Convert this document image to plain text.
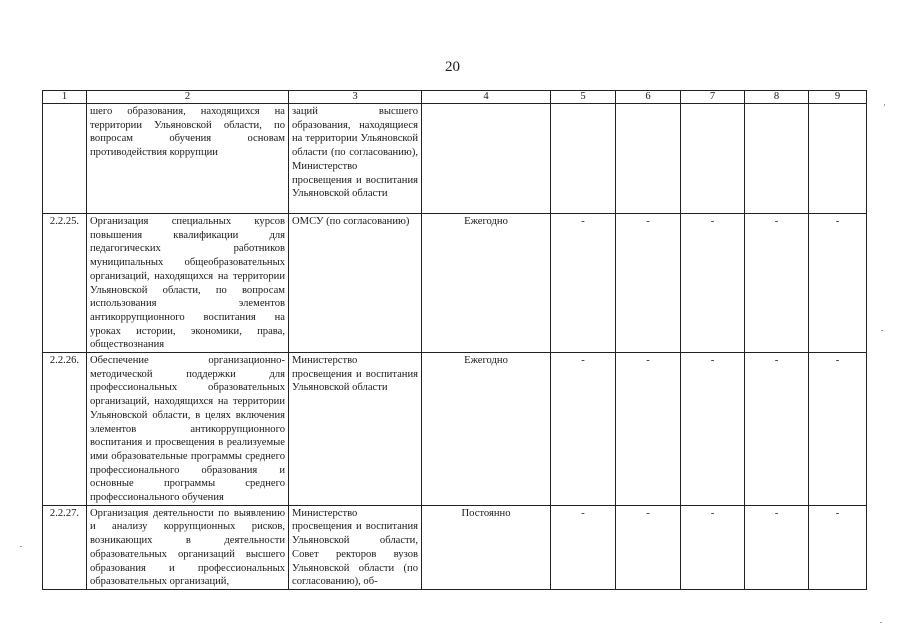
20
1	2	3	4	5	6	7	8	9
	шего образования, находящихся на территории Ульяновской области, по вопросам обучения основам противодействия коррупции	заций высшего образования, находящиеся на территории Ульяновской области (по согласованию), Министерство просвещения и воспитания Ульяновской области						
2.2.25.	Организация специальных курсов повышения квалификации для педагогических работников муниципальных общеобразовательных организаций, находящихся на территории Ульяновской области, по вопросам использования элементов антикоррупционного воспитания на уроках истории, экономики, права, обществознания	ОМСУ (по согласованию)	Ежегодно	-	-	-	-	-
2.2.26.	Обеспечение организационно-методической поддержки для профессиональных образовательных организаций, находящихся на территории Ульяновской области, в целях включения элементов антикоррупционного воспитания и просвещения в реализуемые ими образовательные программы среднего профессионального образования и основные программы среднего профессионального обучения	Министерство просвещения и воспитания Ульяновской области	Ежегодно	-	-	-	-	-
2.2.27.	Организация деятельности по выявлению и анализу коррупционных рисков, возникающих в деятельности образовательных организаций высшего образования и профессиональных образовательных организаций,	Министерство просвещения и воспитания Ульяновской области, Совет ректоров вузов Ульяновской области (по согласованию), об-	Постоянно	-	-	-	-	-
